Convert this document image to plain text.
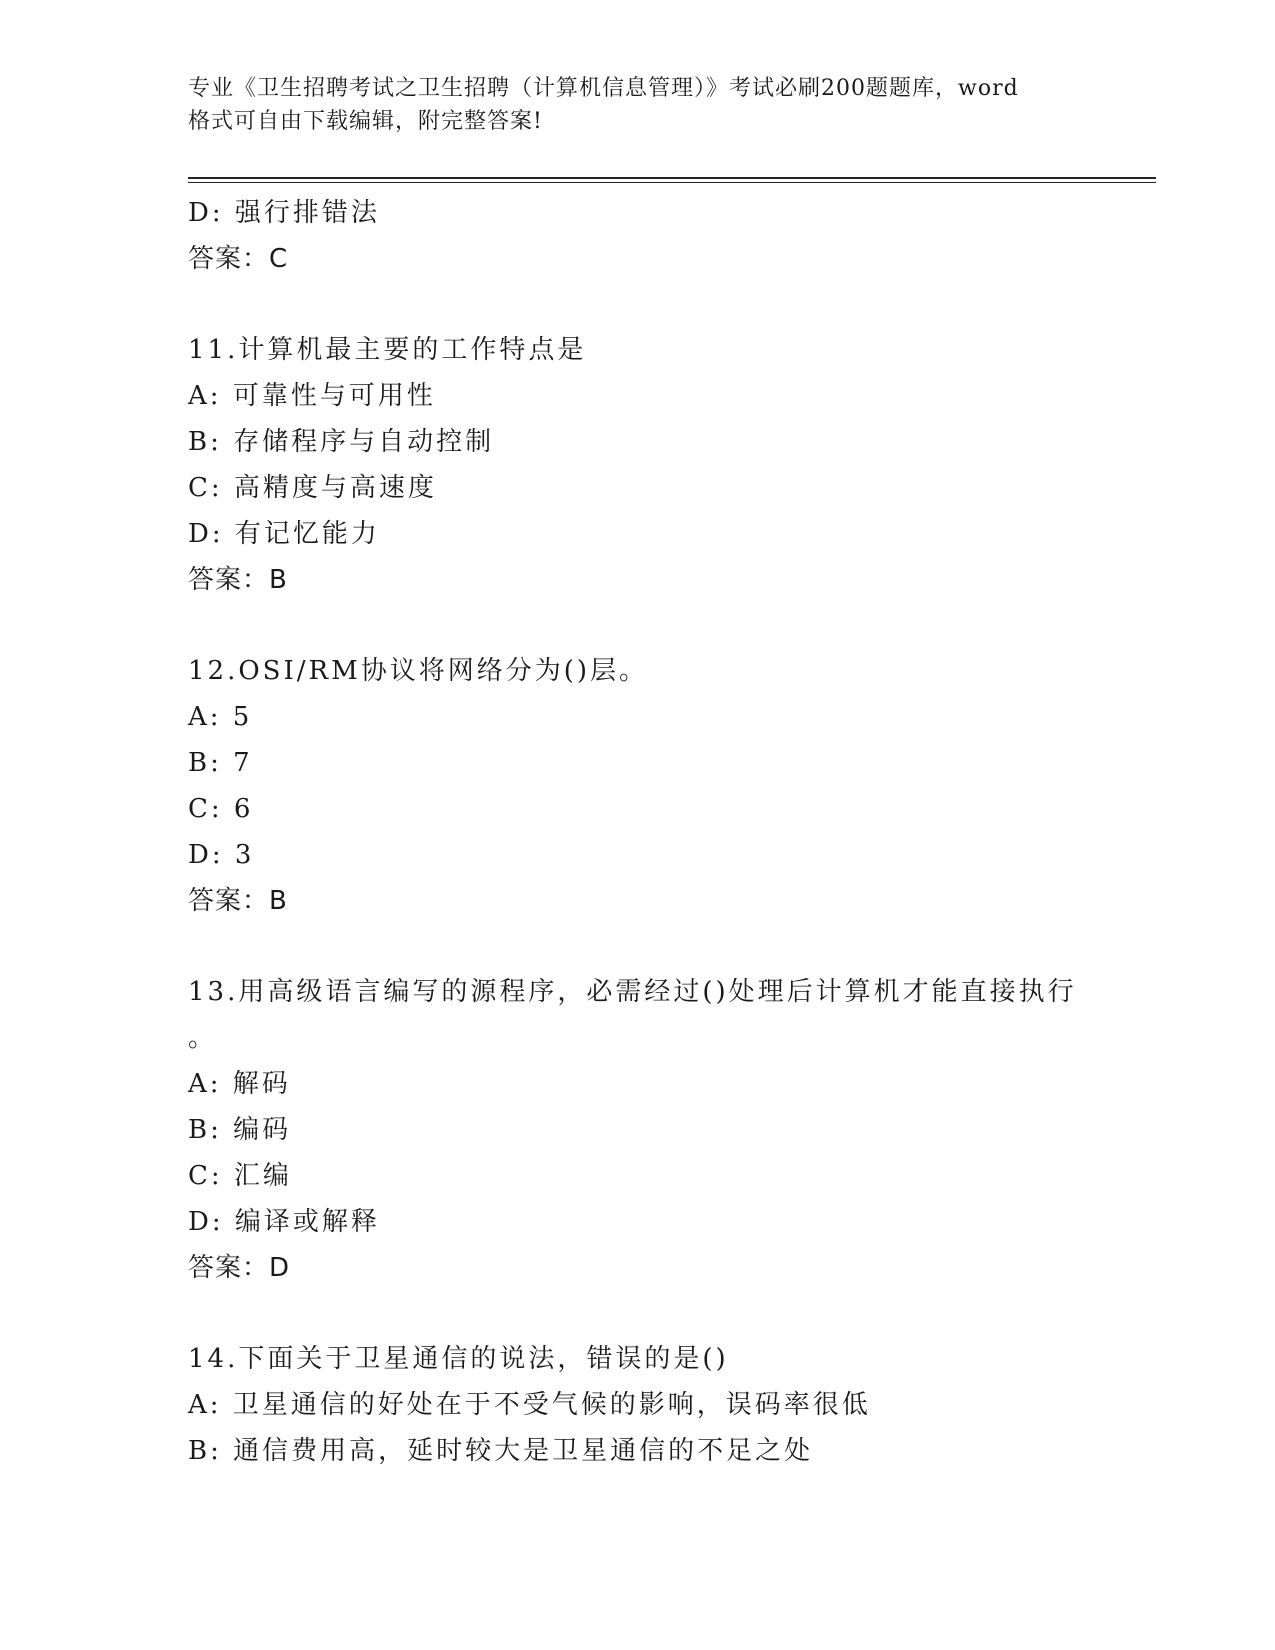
专业《卫生招聘考试之卫生招聘（计算机信息管理）》考试必刷200题题库，word
格式可自由下载编辑，附完整答案!
D: 强行排错法
答案：C
11.计算机最主要的工作特点是
A: 可靠性与可用性
B: 存储程序与自动控制
C: 高精度与高速度
D: 有记忆能力
答案：B
12.OSI/RM协议将网络分为()层。
A: 5
B: 7
C: 6
D: 3
答案：B
13.用高级语言编写的源程序，必需经过()处理后计算机才能直接执行
。
A: 解码
B: 编码
C: 汇编
D: 编译或解释
答案：D
14.下面关于卫星通信的说法，错误的是()
A: 卫星通信的好处在于不受气候的影响，误码率很低
B: 通信费用高，延时较大是卫星通信的不足之处
